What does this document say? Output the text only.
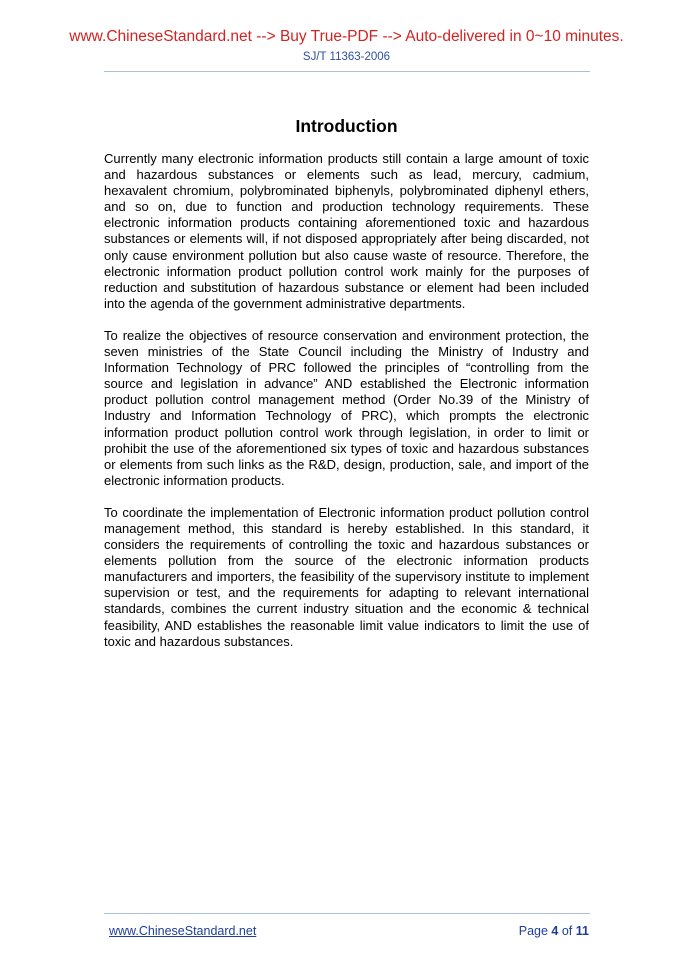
www.ChineseStandard.net --> Buy True-PDF --> Auto-delivered in 0~10 minutes.
SJ/T 11363-2006
Introduction

Currently many electronic information products still contain a large amount of toxic and hazardous substances or elements such as lead, mercury, cadmium, hexavalent chromium, polybrominated biphenyls, polybrominated diphenyl ethers, and so on, due to function and production technology requirements. These electronic information products containing aforementioned toxic and hazardous substances or elements will, if not disposed appropriately after being discarded, not only cause environment pollution but also cause waste of resource. Therefore, the electronic information product pollution control work mainly for the purposes of reduction and substitution of hazardous substance or element had been included into the agenda of the government administrative departments.

To realize the objectives of resource conservation and environment protection, the seven ministries of the State Council including the Ministry of Industry and Information Technology of PRC followed the principles of “controlling from the source and legislation in advance” AND established the Electronic information product pollution control management method (Order No.39 of the Ministry of Industry and Information Technology of PRC), which prompts the electronic information product pollution control work through legislation, in order to limit or prohibit the use of the aforementioned six types of toxic and hazardous substances or elements from such links as the R&D, design, production, sale, and import of the electronic information products.

To coordinate the implementation of Electronic information product pollution control management method, this standard is hereby established. In this standard, it considers the requirements of controlling the toxic and hazardous substances or elements pollution from the source of the electronic information products manufacturers and importers, the feasibility of the supervisory institute to implement supervision or test, and the requirements for adapting to relevant international standards, combines the current industry situation and the economic & technical feasibility, AND establishes the reasonable limit value indicators to limit the use of toxic and hazardous substances.

www.ChineseStandard.net	Page 4 of 11
